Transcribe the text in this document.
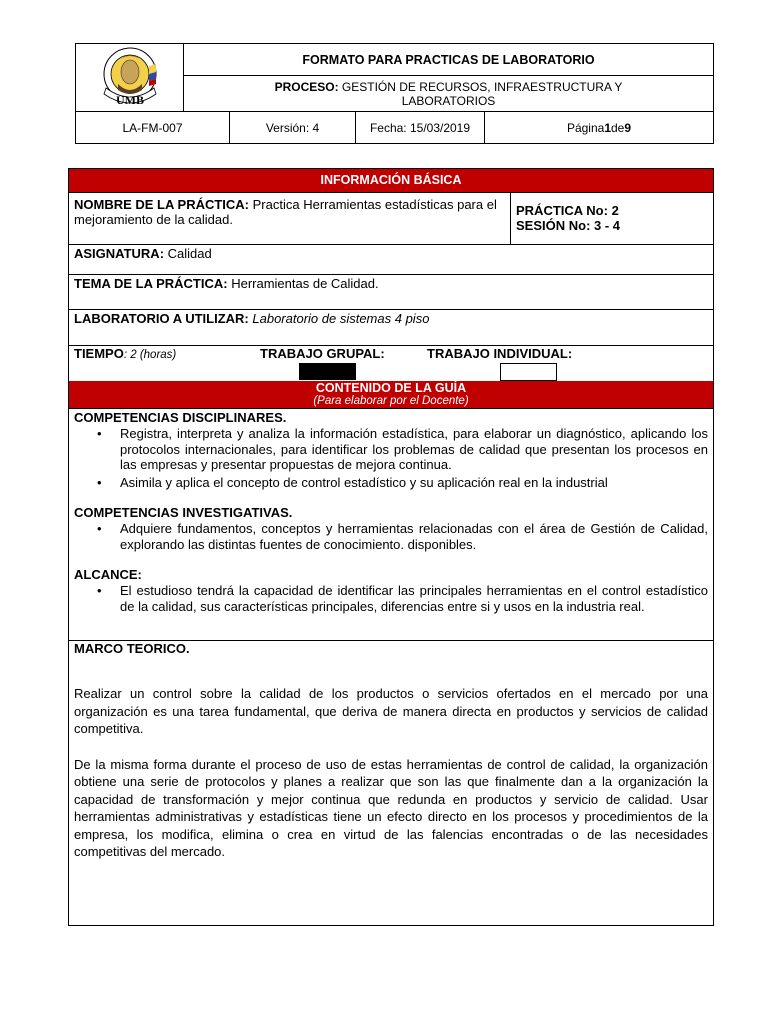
UMB
FORMATO PARA PRACTICAS DE LABORATORIO
PROCESO: GESTIÓN DE RECURSOS, INFRAESTRUCTURA Y LABORATORIOS
LA-FM-007	Versión: 4	Fecha: 15/03/2019	Página 1 de 9
INFORMACIÓN BÁSICA
NOMBRE DE LA PRÁCTICA: Practica Herramientas estadísticas para el mejoramiento de la calidad.
PRÁCTICA No: 2
SESIÓN No: 3 - 4
ASIGNATURA: Calidad
TEMA DE LA PRÁCTICA: Herramientas de Calidad.
LABORATORIO A UTILIZAR: Laboratorio de sistemas 4 piso
TIEMPO: 2 (horas)	TRABAJO GRUPAL:	TRABAJO INDIVIDUAL:
CONTENIDO DE LA GUÍA
(Para elaborar por el Docente)
COMPETENCIAS DISCIPLINARES.
• Registra, interpreta y analiza la información estadística, para elaborar un diagnóstico, aplicando los protocolos internacionales, para identificar los problemas de calidad que presentan los procesos en las empresas y presentar propuestas de mejora continua.
• Asimila y aplica el concepto de control estadístico y su aplicación real en la industrial
COMPETENCIAS INVESTIGATIVAS.
• Adquiere fundamentos, conceptos y herramientas relacionadas con el área de Gestión de Calidad, explorando las distintas fuentes de conocimiento. disponibles.
ALCANCE:
• El estudioso tendrá la capacidad de identificar las principales herramientas en el control estadístico de la calidad, sus características principales, diferencias entre si y usos en la industria real.
MARCO TEORICO.

Realizar un control sobre la calidad de los productos o servicios ofertados en el mercado por una organización es una tarea fundamental, que deriva de manera directa en productos y servicios de calidad competitiva.

De la misma forma durante el proceso de uso de estas herramientas de control de calidad, la organización obtiene una serie de protocolos y planes a realizar que son las que finalmente dan a la organización la capacidad de transformación y mejor continua que redunda en productos y servicio de calidad. Usar herramientas administrativas y estadísticas tiene un efecto directo en los procesos y procedimientos de la empresa, los modifica, elimina o crea en virtud de las falencias encontradas o de las necesidades competitivas del mercado.
